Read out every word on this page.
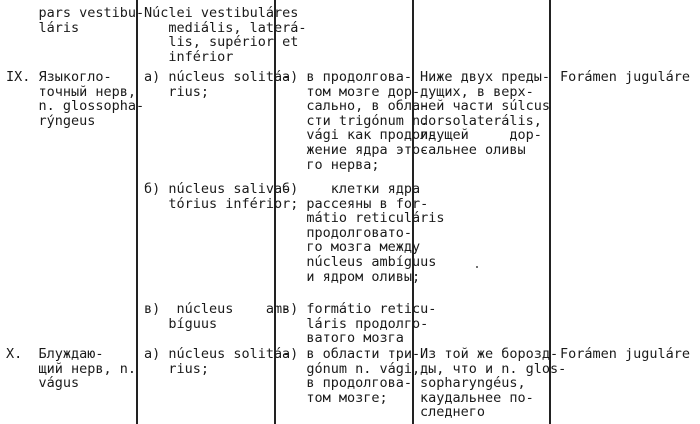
pars vestibu-
láris
Núclei vestibuláres
mediális, laterá-
lis, supérior et
inférior
IX. Языкогло-
точный нерв,
n. glossopha-
rýngeus
a) núcleus solitá-
rius;
б) núcleus saliva-
tórius inférior;
в)  núcleus    am-
bíguus
а) в продолговa-
том мозге дор-
сально, в обла-
сти trigónum n.
vági как продол-
жение ядра это-
го нерва;
б)    клетки ядра
рассеяны в for-
mátio reticuláris
продолговато-
го мозга между
núcleus ambíguus
и ядром оливы;
в) formátio reticu-
láris продолго-
ватого мозга
Ниже двух преды-
дущих, в верх-
ней части súlcus
dorsolaterális,
идущей     дор-
сальнее оливы
Forámen juguláre
X.  Блуждаю-
щий нерв, n.
vágus
а) núcleus solitá-
rius;
а) в области три-
gónum n. vági,
в продолговa-
том мозге;
Из той же борозд-
ды, что и n. glos-
sopharyngéus,
каудальнее по-
следнего
Forámen juguláre
